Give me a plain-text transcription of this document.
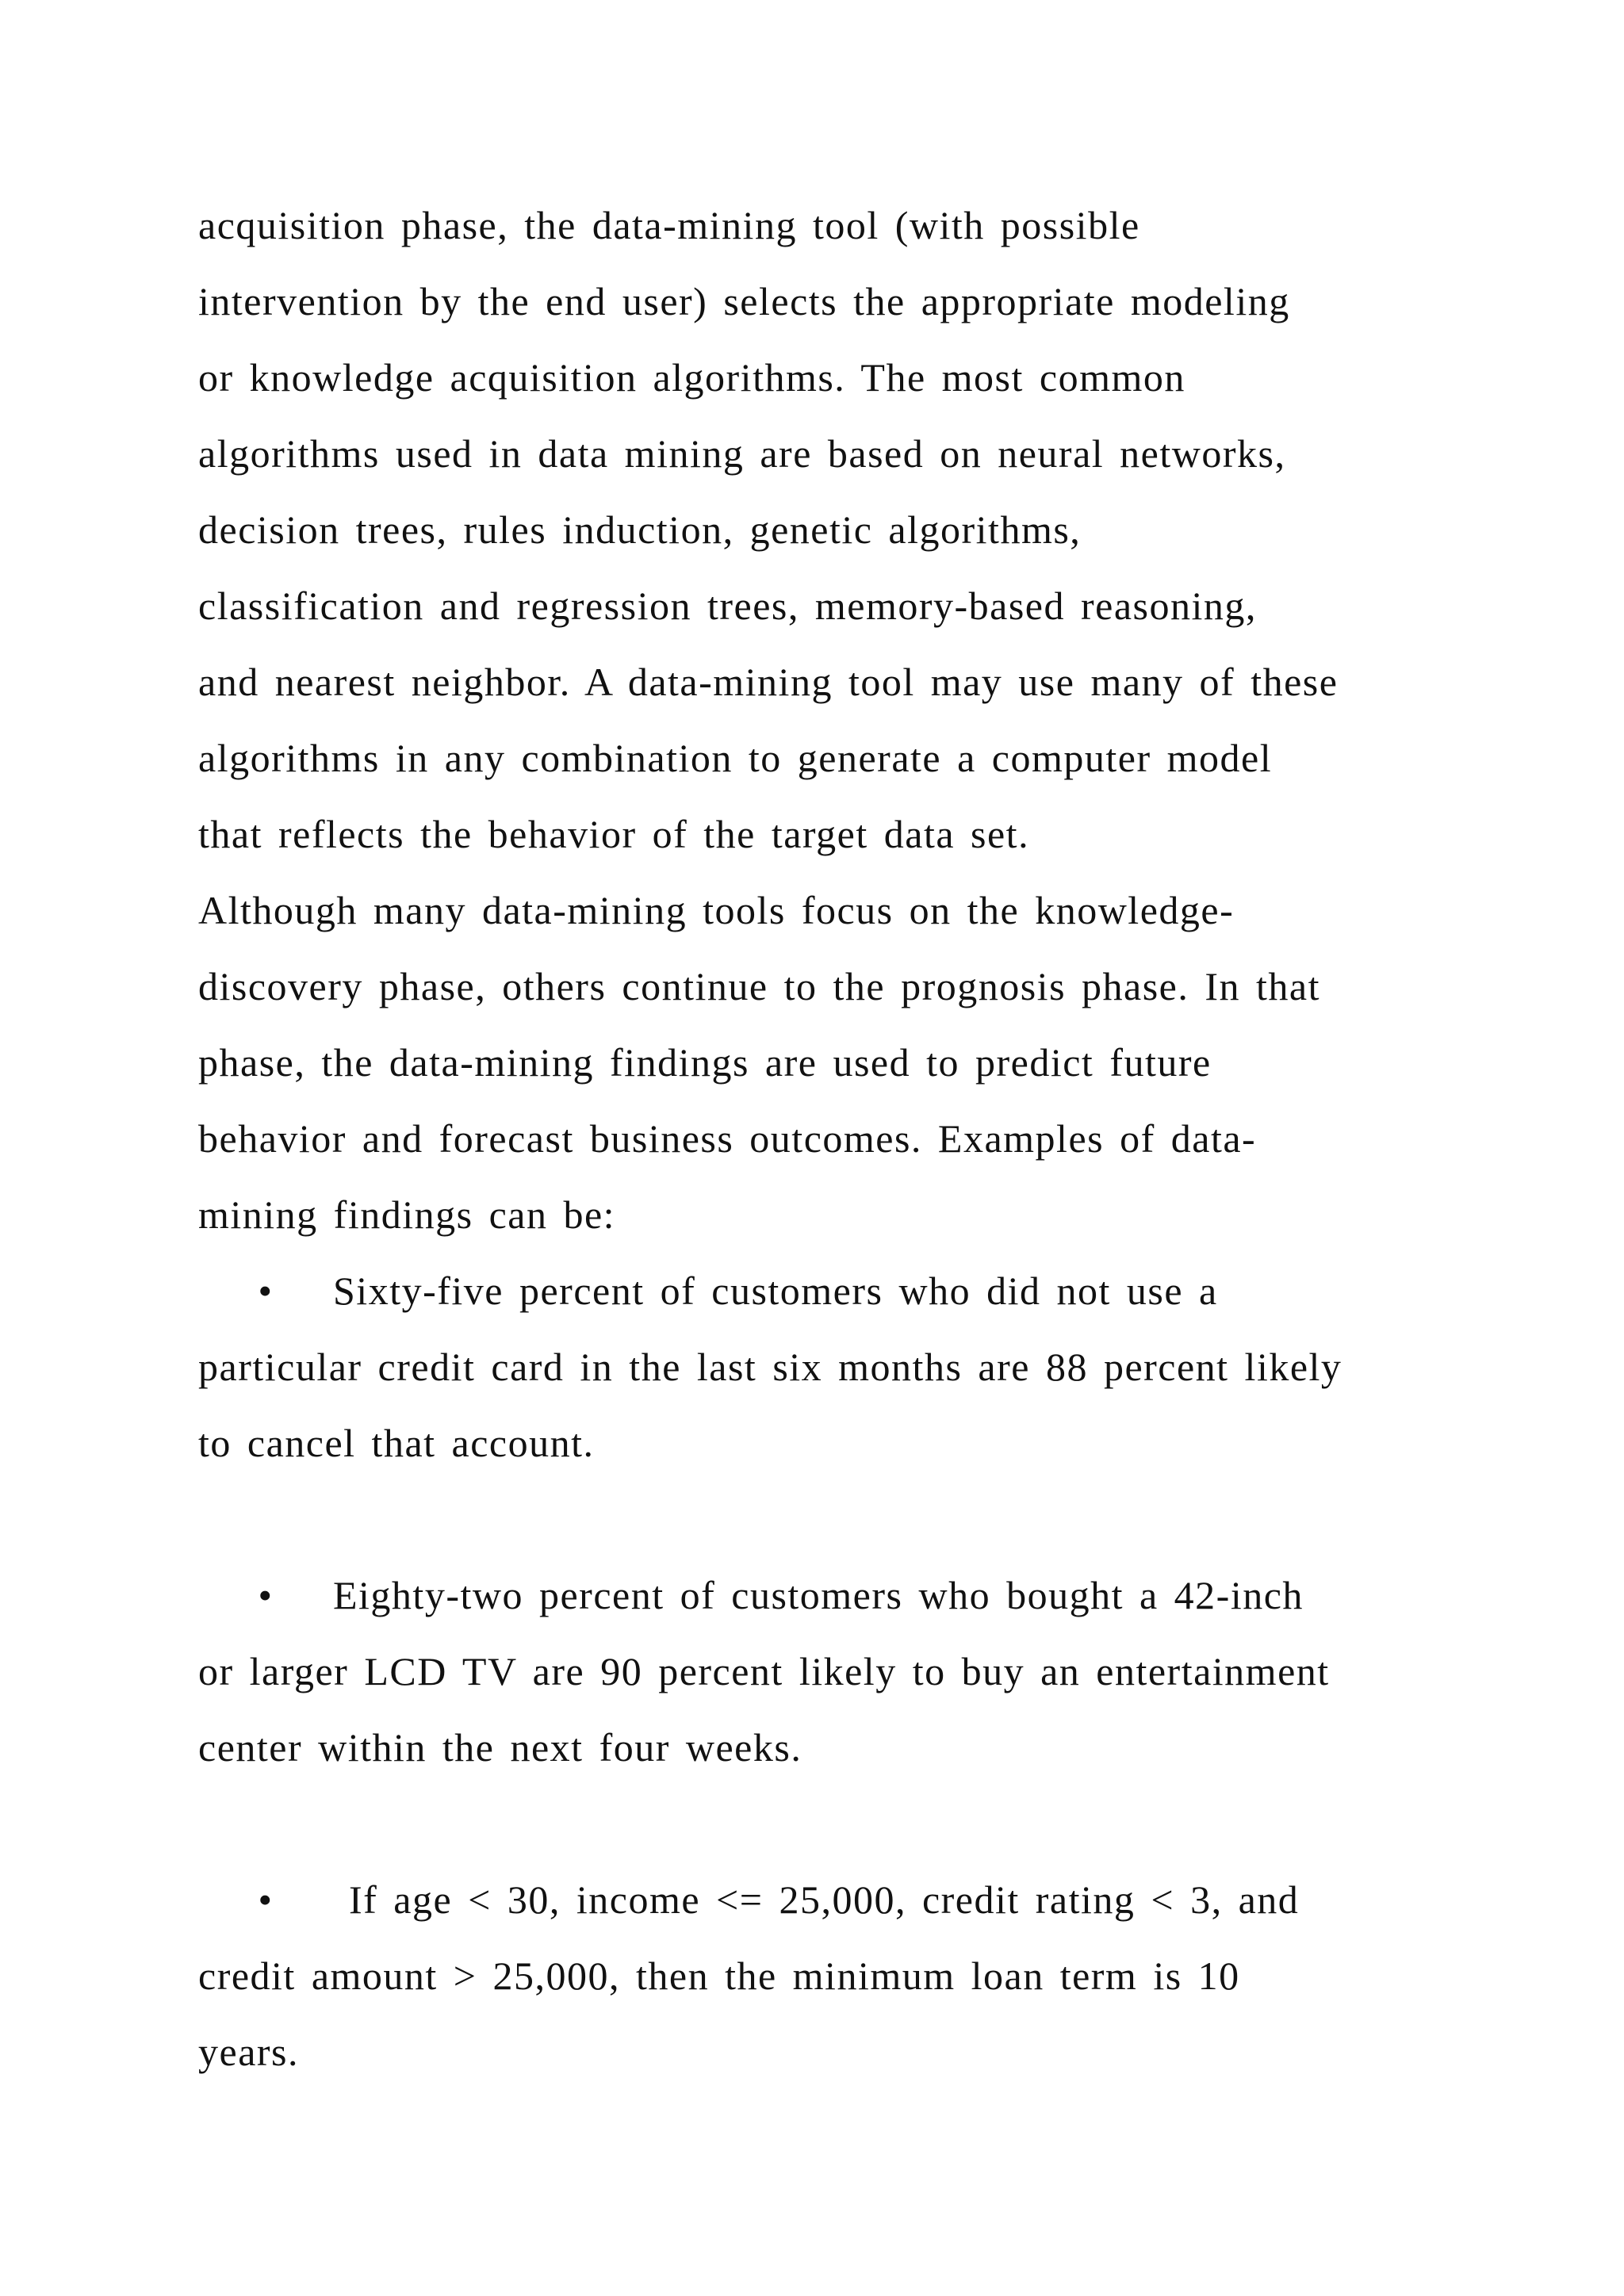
acquisition phase, the data-mining tool (with possible
intervention by the end user) selects the appropriate modeling
or knowledge acquisition algorithms. The most common
algorithms used in data mining are based on neural networks,
decision trees, rules induction, genetic algorithms,
classification and regression trees, memory-based reasoning,
and nearest neighbor. A data-mining tool may use many of these
algorithms in any combination to generate a computer model
that reflects the behavior of the target data set.
Although many data-mining tools focus on the knowledge-
discovery phase, others continue to the prognosis phase. In that
phase, the data-mining findings are used to predict future
behavior and forecast business outcomes. Examples of data-
mining findings can be:
• Sixty-five percent of customers who did not use a
particular credit card in the last six months are 88 percent likely
to cancel that account.
• Eighty-two percent of customers who bought a 42-inch
or larger LCD TV are 90 percent likely to buy an entertainment
center within the next four weeks.
• If age < 30, income <= 25,000, credit rating < 3, and
credit amount > 25,000, then the minimum loan term is 10
years.
